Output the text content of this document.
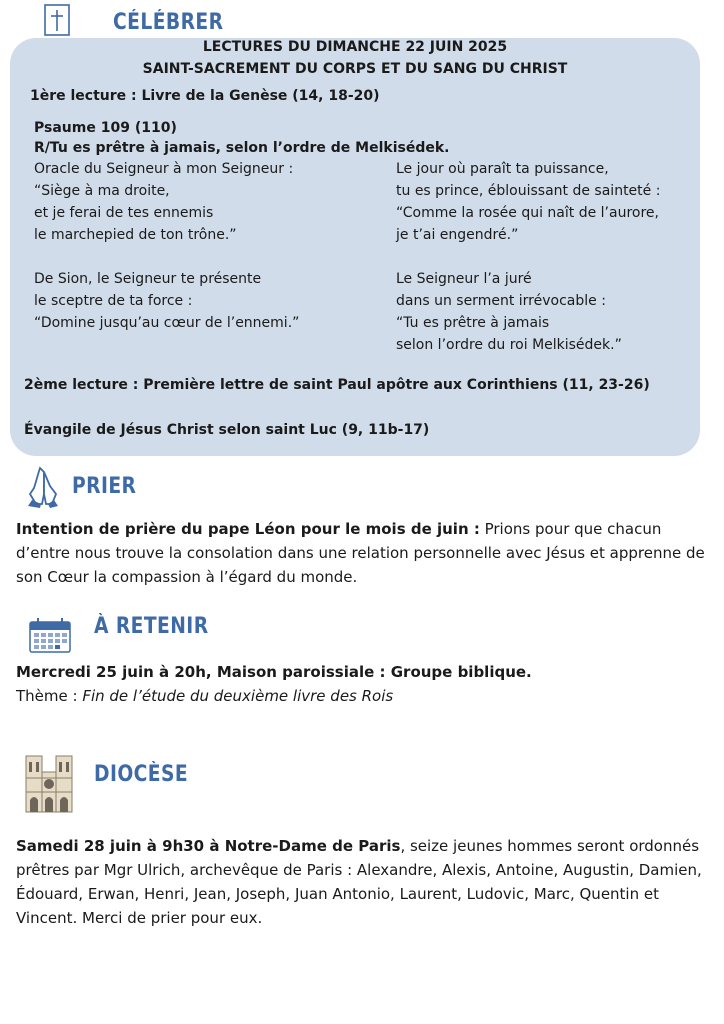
CÉLÉBRER
LECTURES DU DIMANCHE 22 JUIN 2025
SAINT-SACREMENT DU CORPS ET DU SANG DU CHRIST
1ère lecture : Livre de la Genèse (14, 18-20)
Psaume 109 (110)
R/Tu es prêtre à jamais, selon l’ordre de Melkisédek.
Oracle du Seigneur à mon Seigneur :
“Siège à ma droite,
et je ferai de tes ennemis
le marchepied de ton trône.”
De Sion, le Seigneur te présente
le sceptre de ta force :
“Domine jusqu’au cœur de l’ennemi.”
Le jour où paraît ta puissance,
tu es prince, éblouissant de sainteté :
“Comme la rosée qui naît de l’aurore,
je t’ai engendré.”
Le Seigneur l’a juré
dans un serment irrévocable :
“Tu es prêtre à jamais
selon l’ordre du roi Melkisédek.”
2ème lecture : Première lettre de saint Paul apôtre aux Corinthiens (11, 23-26)
Évangile de Jésus Christ selon saint Luc (9, 11b-17)
PRIER
Intention de prière du pape Léon pour le mois de juin : Prions pour que chacun d’entre nous trouve la consolation dans une relation personnelle avec Jésus et apprenne de son Cœur la compassion à l’égard du monde.
À RETENIR
Mercredi 25 juin à 20h, Maison paroissiale : Groupe biblique.
Thème : Fin de l’étude du deuxième livre des Rois
DIOCÈSE
Samedi 28 juin à 9h30 à Notre-Dame de Paris, seize jeunes hommes seront ordonnés prêtres par Mgr Ulrich, archevêque de Paris : Alexandre, Alexis, Antoine, Augustin, Damien, Édouard, Erwan, Henri, Jean, Joseph, Juan Antonio, Laurent, Ludovic, Marc, Quentin et Vincent. Merci de prier pour eux.
